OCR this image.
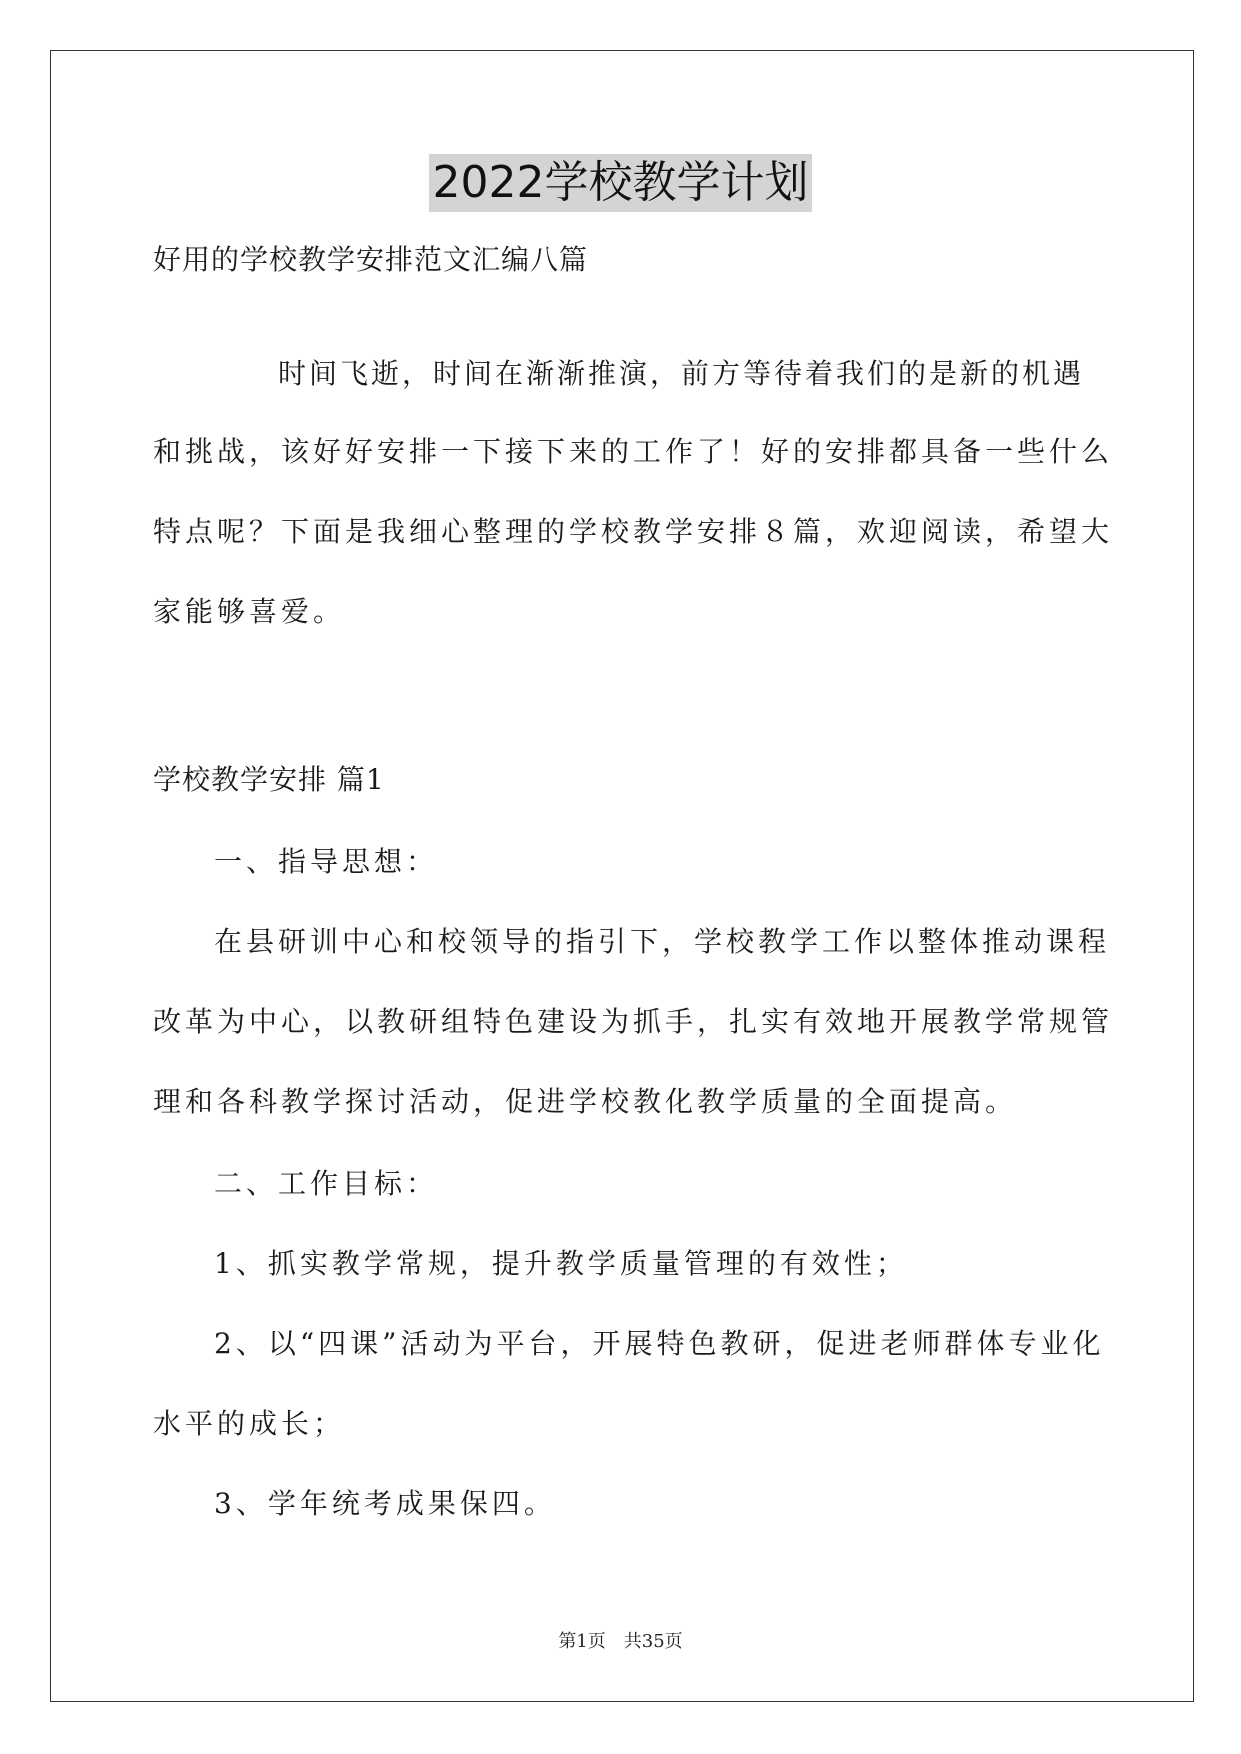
2022学校教学计划
好用的学校教学安排范文汇编八篇
时间飞逝，时间在渐渐推演，前方等待着我们的是新的机遇
和挑战，该好好安排一下接下来的工作了！好的安排都具备一些什么
特点呢？下面是我细心整理的学校教学安排８篇，欢迎阅读，希望大
家能够喜爱。
学校教学安排 篇1
一、指导思想：
在县研训中心和校领导的指引下，学校教学工作以整体推动课程
改革为中心，以教研组特色建设为抓手，扎实有效地开展教学常规管
理和各科教学探讨活动，促进学校教化教学质量的全面提高。
二、工作目标：
1、抓实教学常规，提升教学质量管理的有效性；
2、以“四课”活动为平台，开展特色教研，促进老师群体专业化
水平的成长；
3、学年统考成果保四。
第1页 共35页
